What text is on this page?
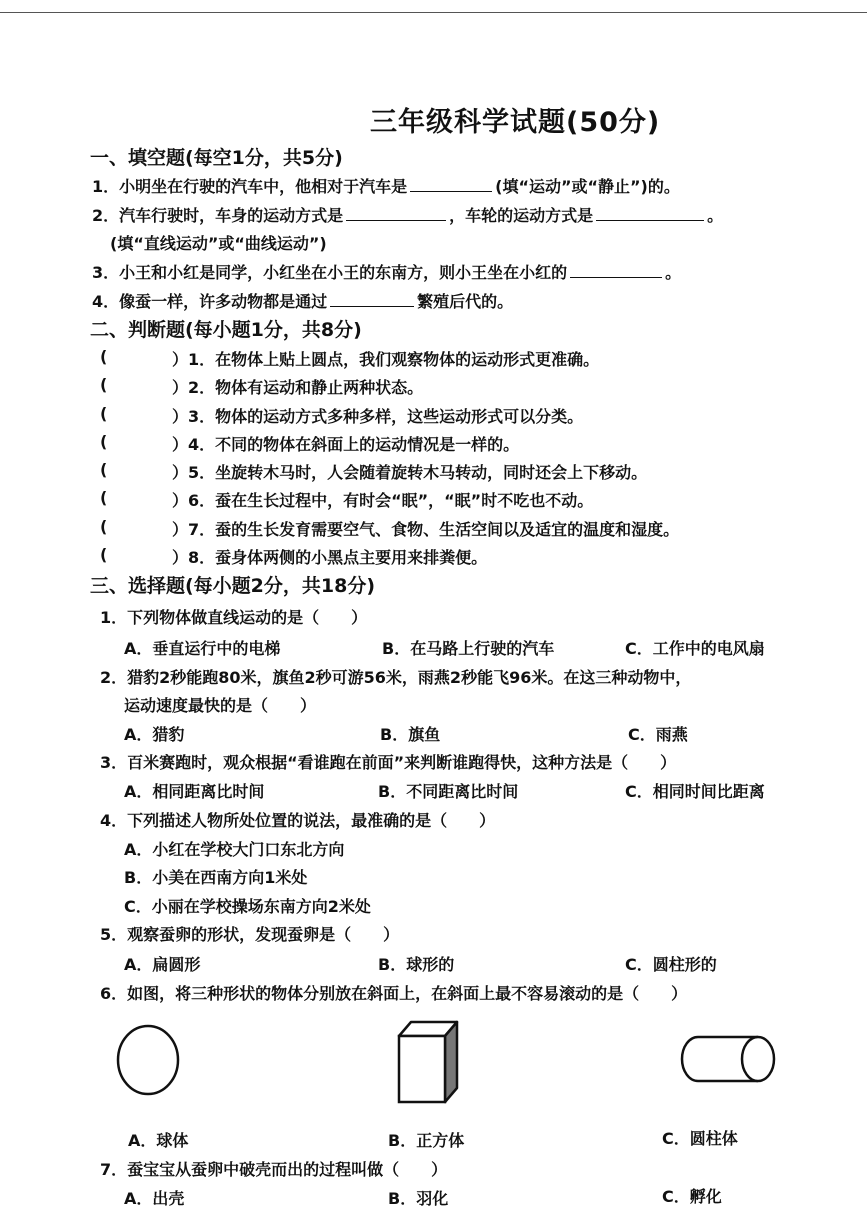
三年级科学试题(50分)
一、填空题(每空1分，共5分)
1．小明坐在行驶的汽车中，他相对于汽车是	(填“运动”或“静止”)的。
2．汽车行驶时，车身的运动方式是	，车轮的运动方式是	。
(填“直线运动”或“曲线运动”)
3．小王和小红是同学，小红坐在小王的东南方，则小王坐在小红的	。
4．像蚕一样，许多动物都是通过	繁殖后代的。
二、判断题(每小题1分，共8分)
(	）1．在物体上贴上圆点，我们观察物体的运动形式更准确。
(	）2．物体有运动和静止两种状态。
(	）3．物体的运动方式多种多样，这些运动形式可以分类。
(	）4．不同的物体在斜面上的运动情况是一样的。
(	）5．坐旋转木马时，人会随着旋转木马转动，同时还会上下移动。
(	）6．蚕在生长过程中，有时会“眠”，“眠”时不吃也不动。
(	）7．蚕的生长发育需要空气、食物、生活空间以及适宜的温度和湿度。
(	）8．蚕身体两侧的小黑点主要用来排粪便。
三、选择题(每小题2分，共18分)
1．下列物体做直线运动的是（　　）
A．垂直运行中的电梯	B．在马路上行驶的汽车	C．工作中的电风扇
2．猎豹2秒能跑80米，旗鱼2秒可游56米，雨燕2秒能飞96米。在这三种动物中，
运动速度最快的是（　　）
A．猎豹	B．旗鱼	C．雨燕
3．百米赛跑时，观众根据“看谁跑在前面”来判断谁跑得快，这种方法是（　　）
A．相同距离比时间	B．不同距离比时间	C．相同时间比距离
4．下列描述人物所处位置的说法，最准确的是（　　）
A．小红在学校大门口东北方向
B．小美在西南方向1米处
C．小丽在学校操场东南方向2米处
5．观察蚕卵的形状，发现蚕卵是（　　）
A．扁圆形	B．球形的	C．圆柱形的
6．如图，将三种形状的物体分别放在斜面上，在斜面上最不容易滚动的是（　　）
A．球体	B．正方体	C．圆柱体
7．蚕宝宝从蚕卵中破壳而出的过程叫做（　　）
A．出壳	B．羽化	C．孵化
